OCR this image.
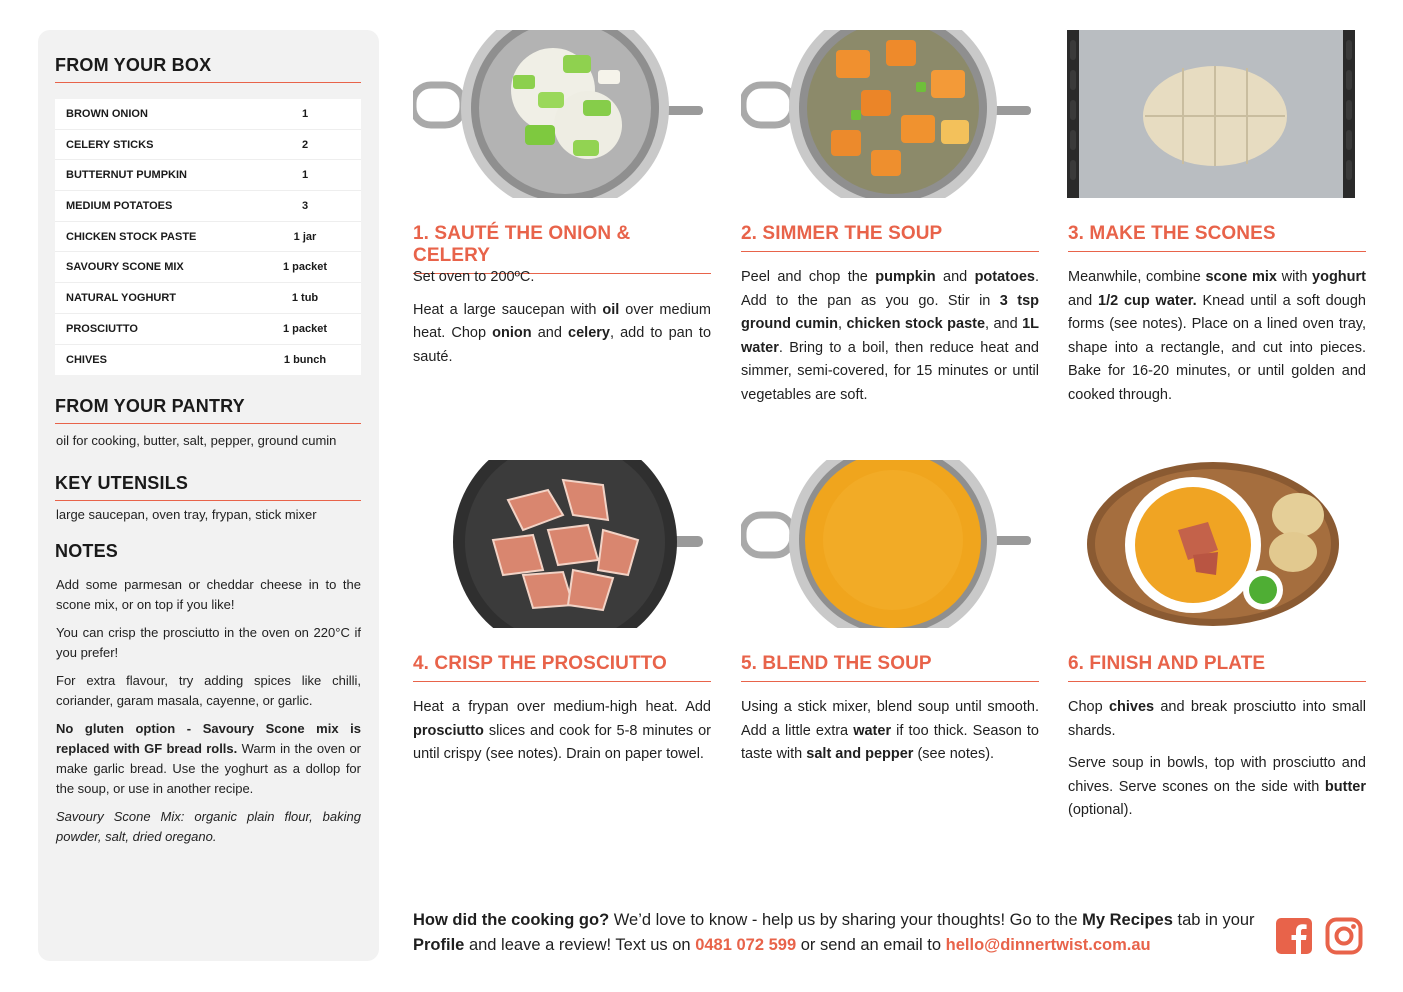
FROM YOUR BOX
BROWN ONION	1
CELERY STICKS	2
BUTTERNUT PUMPKIN	1
MEDIUM POTATOES	3
CHICKEN STOCK PASTE	1 jar
SAVOURY SCONE MIX	1 packet
NATURAL YOGHURT	1 tub
PROSCIUTTO	1 packet
CHIVES	1 bunch
FROM YOUR PANTRY
oil for cooking, butter, salt, pepper, ground cumin
KEY UTENSILS
large saucepan, oven tray, frypan, stick mixer
NOTES

Add some parmesan or cheddar cheese in to the scone mix, or on top if you like!

You can crisp the prosciutto in the oven on 220°C if you prefer!

For extra flavour, try adding spices like chilli, coriander, garam masala, cayenne, or garlic.

No gluten option - Savoury Scone mix is replaced with GF bread rolls. Warm in the oven or make garlic bread. Use the yoghurt as a dollop for the soup, or use in another recipe.

Savoury Scone Mix: organic plain flour, baking powder, salt, dried oregano.

1. SAUTÉ THE ONION & CELERY

Set oven to 200ºC.

Heat a large saucepan with oil over medium heat. Chop onion and celery, add to pan to sauté.

2. SIMMER THE SOUP

Peel and chop the pumpkin and potatoes. Add to the pan as you go. Stir in 3 tsp ground cumin, chicken stock paste, and 1L water. Bring to a boil, then reduce heat and simmer, semi-covered, for 15 minutes or until vegetables are soft.

3. MAKE THE SCONES

Meanwhile, combine scone mix with yoghurt and 1/2 cup water. Knead until a soft dough forms (see notes). Place on a lined oven tray, shape into a rectangle, and cut into pieces. Bake for 16-20 minutes, or until golden and cooked through.

4. CRISP THE PROSCIUTTO

Heat a frypan over medium-high heat. Add prosciutto slices and cook for 5-8 minutes or until crispy (see notes). Drain on paper towel.

5. BLEND THE SOUP

Using a stick mixer, blend soup until smooth. Add a little extra water if too thick. Season to taste with salt and pepper (see notes).

6. FINISH AND PLATE

Chop chives and break prosciutto into small shards.

Serve soup in bowls, top with prosciutto and chives. Serve scones on the side with butter (optional).

How did the cooking go? We’d love to know - help us by sharing your thoughts! Go to the My Recipes tab in your Profile and leave a review! Text us on 0481 072 599 or send an email to hello@dinnertwist.com.au
